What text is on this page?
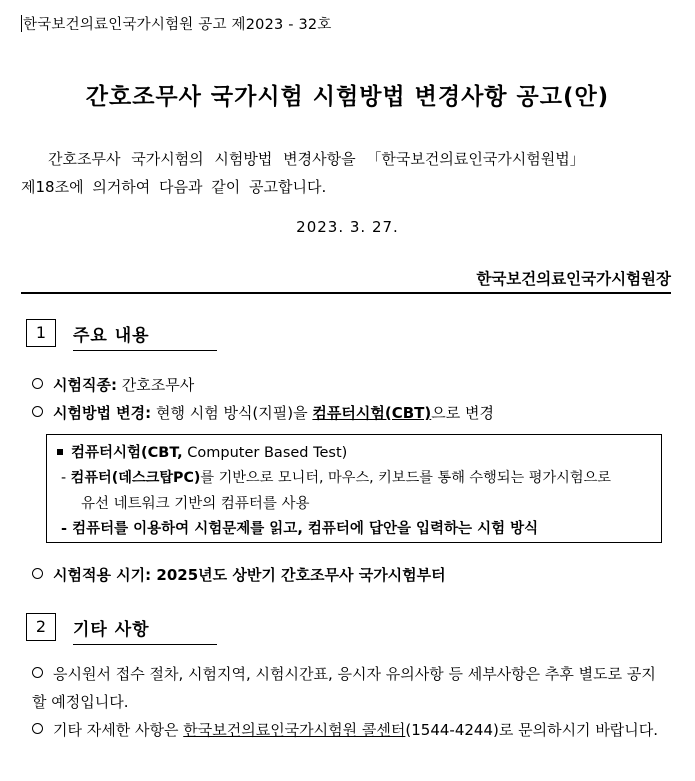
한국보건의료인국가시험원 공고 제2023 - 32호
간호조무사 국가시험 시험방법 변경사항 공고(안)
간호조무사 국가시험의 시험방법 변경사항을 「한국보건의료인국가시험원법」
제18조에 의거하여 다음과 같이 공고합니다.
2023. 3. 27.
한국보건의료인국가시험원장
1	주요 내용
시험직종: 간호조무사
시험방법 변경: 현행 시험 방식(지필)을 컴퓨터시험(CBT)으로 변경
컴퓨터시험(CBT, Computer Based Test)
- 컴퓨터(데스크탑PC)를 기반으로 모니터, 마우스, 키보드를 통해 수행되는 평가시험으로
유선 네트워크 기반의 컴퓨터를 사용
- 컴퓨터를 이용하여 시험문제를 읽고, 컴퓨터에 답안을 입력하는 시험 방식
시험적용 시기: 2025년도 상반기 간호조무사 국가시험부터
2	기타 사항
응시원서 접수 절차, 시험지역, 시험시간표, 응시자 유의사항 등 세부사항은 추후 별도로 공지할 예정입니다.
기타 자세한 사항은 한국보건의료인국가시험원 콜센터(1544-4244)로 문의하시기 바랍니다.
